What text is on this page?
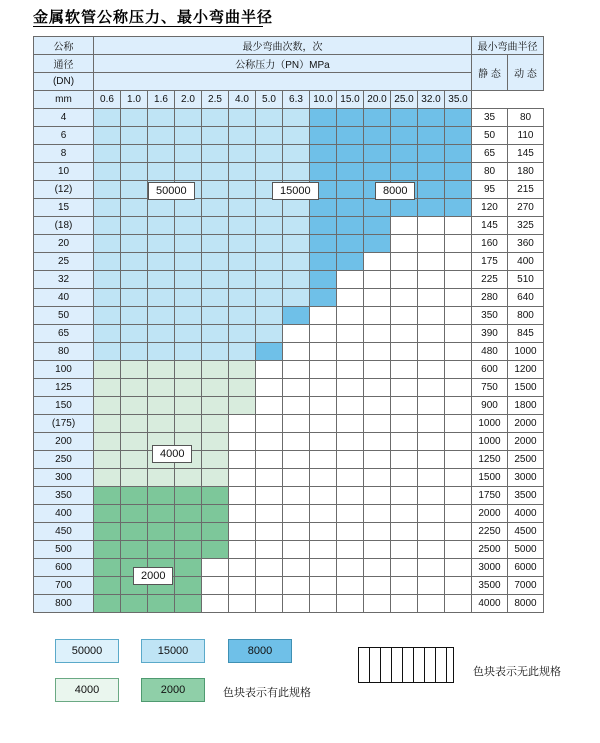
金属软管公称压力、最小弯曲半径
公称	最少弯曲次数，次														最小弯曲半径	
通径	公称压力（PN）MPa														静 态	动 态
(DN)																
mm	0.6	1.0	1.6	2.0	2.5	4.0	5.0	6.3	10.0	15.0	20.0	25.0	32.0	35.0		
4															35	80
6															50	110
8															65	145
10															80	180
(12)															95	215
15															120	270
(18)															145	325
20															160	360
25															175	400
32															225	510
40															280	640
50															350	800
65															390	845
80															480	1000
100															600	1200
125															750	1500
150															900	1800
(175)															1000	2000
200															1000	2000
250															1250	2500
300															1500	3000
350															1750	3500
400															2000	4000
450															2250	4500
500															2500	5000
600															3000	6000
700															3500	7000
800															4000	8000
50000	15000	8000
4000
2000
50000	15000	8000
4000	2000	色块表示有此规格
色块表示无此规格
